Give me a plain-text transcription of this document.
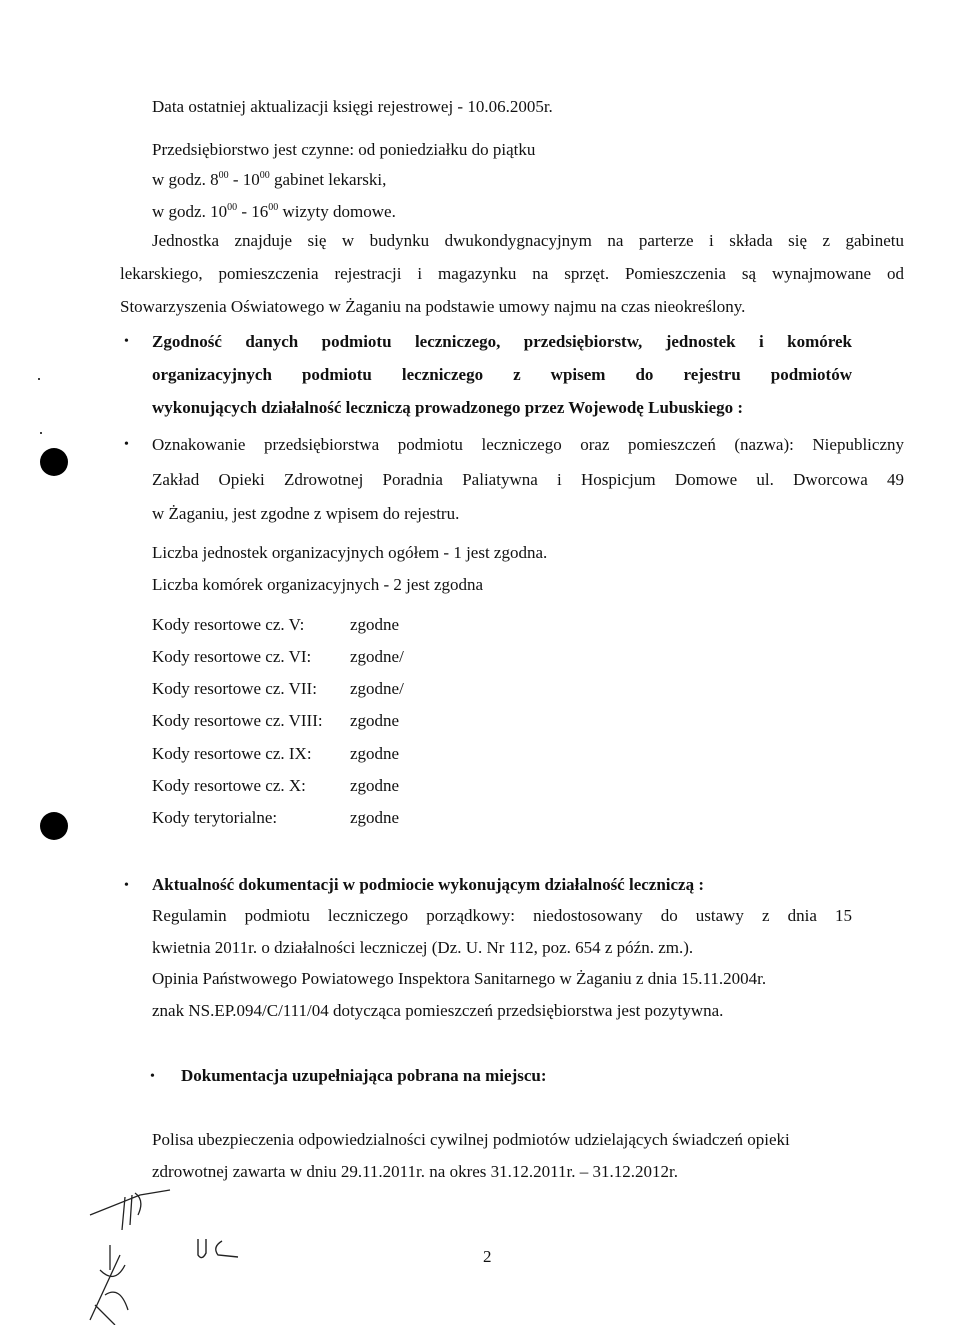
Data ostatniej aktualizacji księgi rejestrowej - 10.06.2005r.
Przedsiębiorstwo jest czynne: od poniedziałku do piątku
w godz. $8^{00} - 10^{00}$ gabinet lekarski,
w godz. $10^{00} - 16^{00}$ wizyty domowe.
Jednostka znajduje się w budynku dwukondygnacyjnym na parterze i składa się z gabinetu
lekarskiego, pomieszczenia rejestracji i magazynku na sprzęt. Pomieszczenia są wynajmowane od
Stowarzyszenia Oświatowego w Żaganiu na podstawie umowy najmu na czas nieokreślony.
• Zgodność danych podmiotu leczniczego, przedsiębiorstw, jednostek i komórek
organizacyjnych podmiotu leczniczego z wpisem do rejestru podmiotów
wykonujących działalność leczniczą prowadzonego przez Wojewodę Lubuskiego :
• Oznakowanie przedsiębiorstwa podmiotu leczniczego oraz pomieszczeń (nazwa): Niepubliczny
Zakład Opieki Zdrowotnej Poradnia Paliatywna i Hospicjum Domowe ul. Dworcowa 49
w Żaganiu, jest zgodne z wpisem do rejestru.
Liczba jednostek organizacyjnych ogółem - 1 jest zgodna.
Liczba komórek organizacyjnych - 2 jest zgodna
Kody resortowe cz. V:	zgodne
Kody resortowe cz. VI: zgodne/
Kody resortowe cz. VII: zgodne/
Kody resortowe cz. VIII: zgodne
Kody resortowe cz. IX: zgodne
Kody resortowe cz. X:	zgodne
Kody terytorialne:	zgodne
• Aktualność dokumentacji w podmiocie wykonującym działalność leczniczą :
Regulamin podmiotu leczniczego porządkowy: niedostosowany do ustawy z dnia 15
kwietnia 2011r. o działalności leczniczej (Dz. U. Nr 112, poz. 654 z późn. zm.).
Opinia Państwowego Powiatowego Inspektora Sanitarnego w Żaganiu z dnia 15.11.2004r.
znak NS.EP.094/C/111/04 dotycząca pomieszczeń przedsiębiorstwa jest pozytywna.
• Dokumentacja uzupełniająca pobrana na miejscu:
Polisa ubezpieczenia odpowiedzialności cywilnej podmiotów udzielających świadczeń opieki
zdrowotnej zawarta w dniu 29.11.2011r. na okres 31.12.2011r. – 31.12.2012r.
2
